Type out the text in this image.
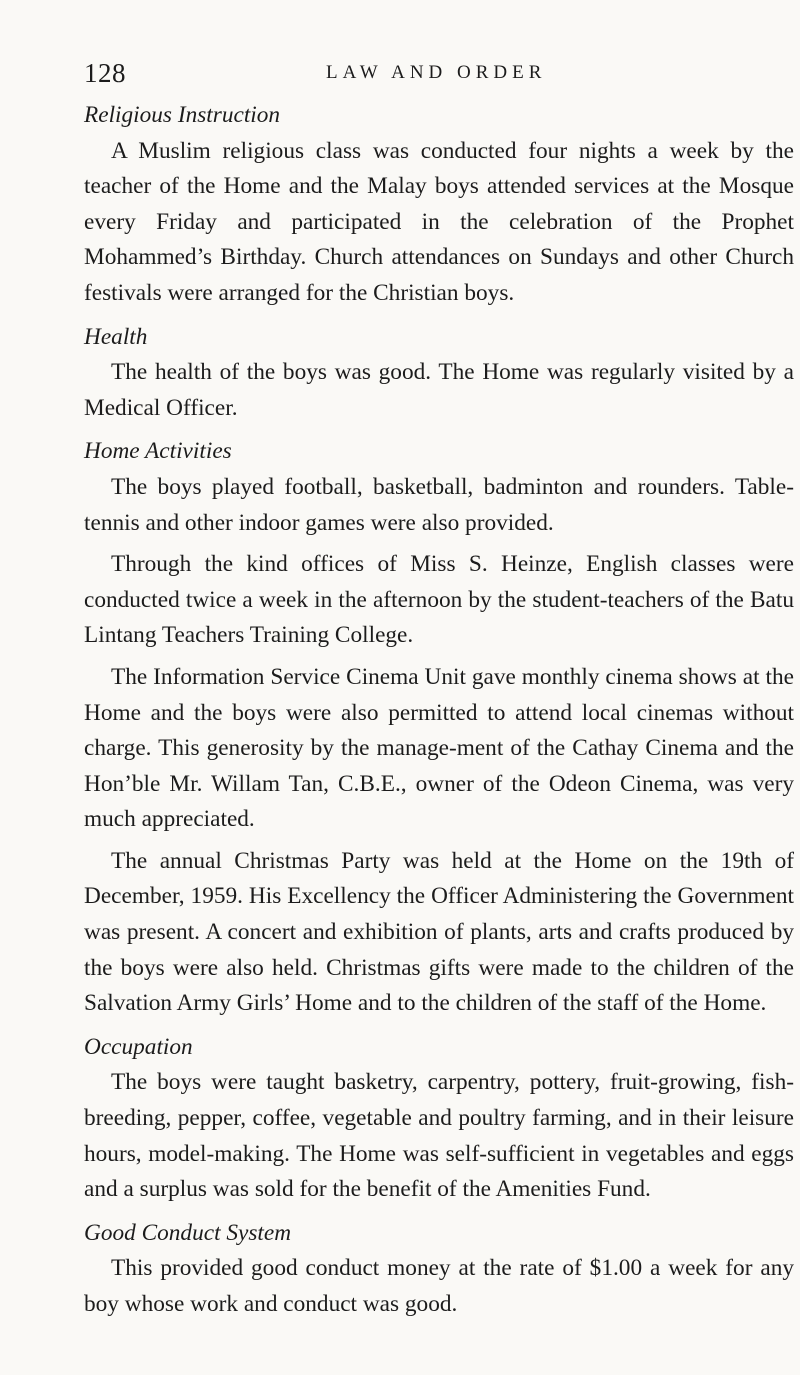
128	LAW AND ORDER
Religious Instruction

A Muslim religious class was conducted four nights a week by the teacher of the Home and the Malay boys attended services at the Mosque every Friday and participated in the celebration of the Prophet Mohammed’s Birthday. Church attendances on Sundays and other Church festivals were arranged for the Christian boys.

Health

The health of the boys was good. The Home was regularly visited by a Medical Officer.

Home Activities

The boys played football, basketball, badminton and rounders. Table-tennis and other indoor games were also provided.

Through the kind offices of Miss S. Heinze, English classes were conducted twice a week in the afternoon by the student-teachers of the Batu Lintang Teachers Training College.

The Information Service Cinema Unit gave monthly cinema shows at the Home and the boys were also permitted to attend local cinemas without charge. This generosity by the manage-ment of the Cathay Cinema and the Hon’ble Mr. Willam Tan, C.B.E., owner of the Odeon Cinema, was very much appreciated.

The annual Christmas Party was held at the Home on the 19th of December, 1959. His Excellency the Officer Administering the Government was present. A concert and exhibition of plants, arts and crafts produced by the boys were also held. Christmas gifts were made to the children of the Salvation Army Girls’ Home and to the children of the staff of the Home.

Occupation

The boys were taught basketry, carpentry, pottery, fruit-growing, fish-breeding, pepper, coffee, vegetable and poultry farming, and in their leisure hours, model-making. The Home was self-sufficient in vegetables and eggs and a surplus was sold for the benefit of the Amenities Fund.

Good Conduct System

This provided good conduct money at the rate of $1.00 a week for any boy whose work and conduct was good.
